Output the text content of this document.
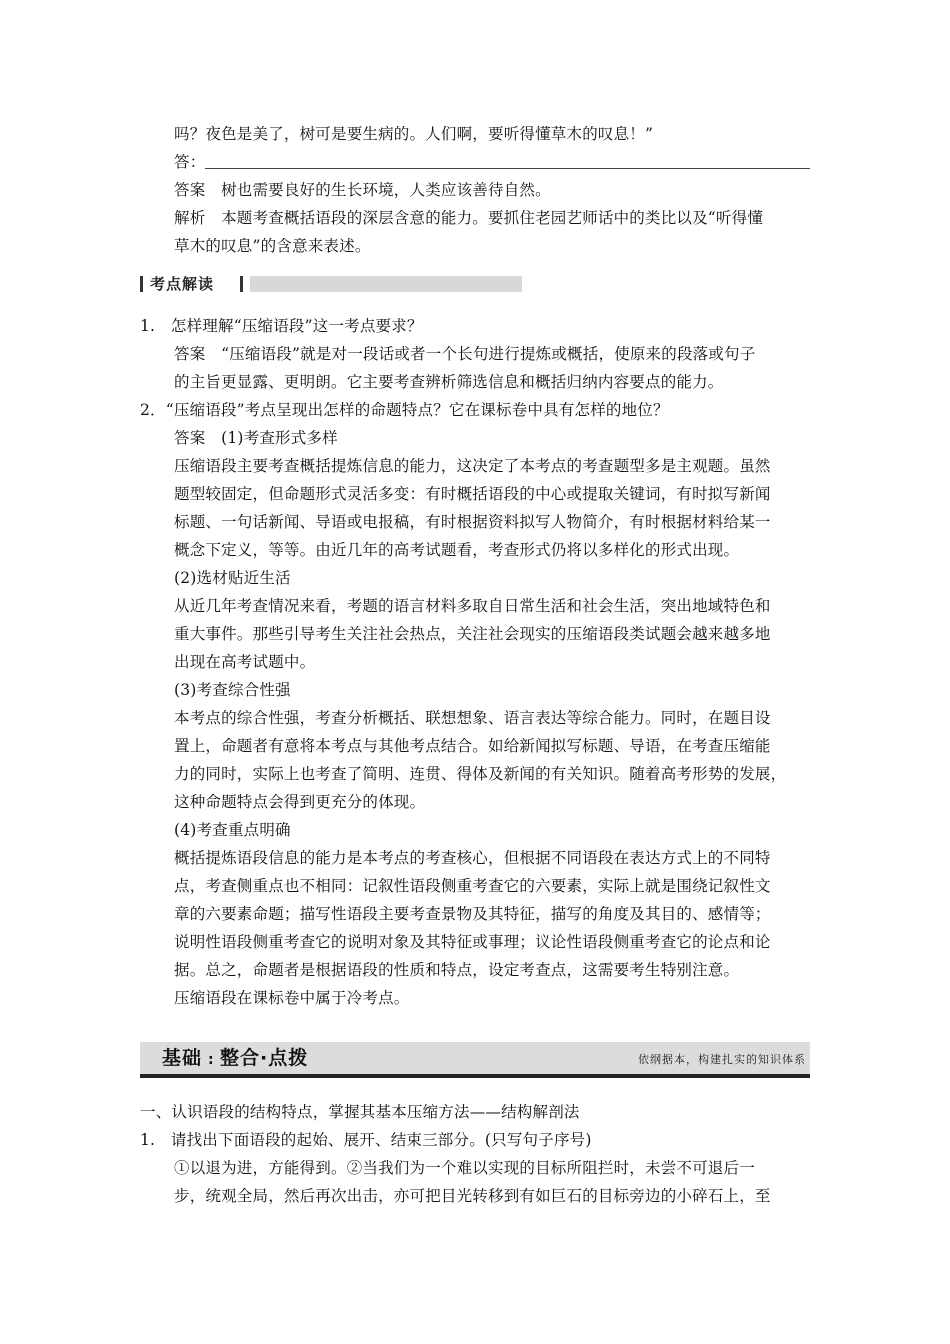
吗？夜色是美了，树可是要生病的。人们啊，要听得懂草木的叹息！”
答：
答案　树也需要良好的生长环境，人类应该善待自然。
解析　本题考查概括语段的深层含意的能力。要抓住老园艺师话中的类比以及“听得懂
草木的叹息”的含意来表述。
考点解读
1.　怎样理解“压缩语段”这一考点要求？
答案　“压缩语段”就是对一段话或者一个长句进行提炼或概括，使原来的段落或句子
的主旨更显露、更明朗。它主要考查辨析筛选信息和概括归纳内容要点的能力。
2．“压缩语段”考点呈现出怎样的命题特点？它在课标卷中具有怎样的地位？
答案　(1)考查形式多样
压缩语段主要考查概括提炼信息的能力，这决定了本考点的考查题型多是主观题。虽然
题型较固定，但命题形式灵活多变：有时概括语段的中心或提取关键词，有时拟写新闻
标题、一句话新闻、导语或电报稿，有时根据资料拟写人物简介，有时根据材料给某一
概念下定义，等等。由近几年的高考试题看，考查形式仍将以多样化的形式出现。
(2)选材贴近生活
从近几年考查情况来看，考题的语言材料多取自日常生活和社会生活，突出地域特色和
重大事件。那些引导考生关注社会热点，关注社会现实的压缩语段类试题会越来越多地
出现在高考试题中。
(3)考查综合性强
本考点的综合性强，考查分析概括、联想想象、语言表达等综合能力。同时，在题目设
置上，命题者有意将本考点与其他考点结合。如给新闻拟写标题、导语，在考查压缩能
力的同时，实际上也考查了简明、连贯、得体及新闻的有关知识。随着高考形势的发展，
这种命题特点会得到更充分的体现。
(4)考查重点明确
概括提炼语段信息的能力是本考点的考查核心，但根据不同语段在表达方式上的不同特
点，考查侧重点也不相同：记叙性语段侧重考查它的六要素，实际上就是围绕记叙性文
章的六要素命题；描写性语段主要考查景物及其特征，描写的角度及其目的、感情等；
说明性语段侧重考查它的说明对象及其特征或事理；议论性语段侧重考查它的论点和论
据。总之，命题者是根据语段的性质和特点，设定考查点，这需要考生特别注意。
压缩语段在课标卷中属于冷考点。
基础 : 整合·点拨	依纲据本，构建扎实的知识体系
一、认识语段的结构特点，掌握其基本压缩方法——结构解剖法
1.　请找出下面语段的起始、展开、结束三部分。(只写句子序号)
①以退为进，方能得到。②当我们为一个难以实现的目标所阻拦时，未尝不可退后一
步，统观全局，然后再次出击，亦可把目光转移到有如巨石的目标旁边的小碎石上，至
